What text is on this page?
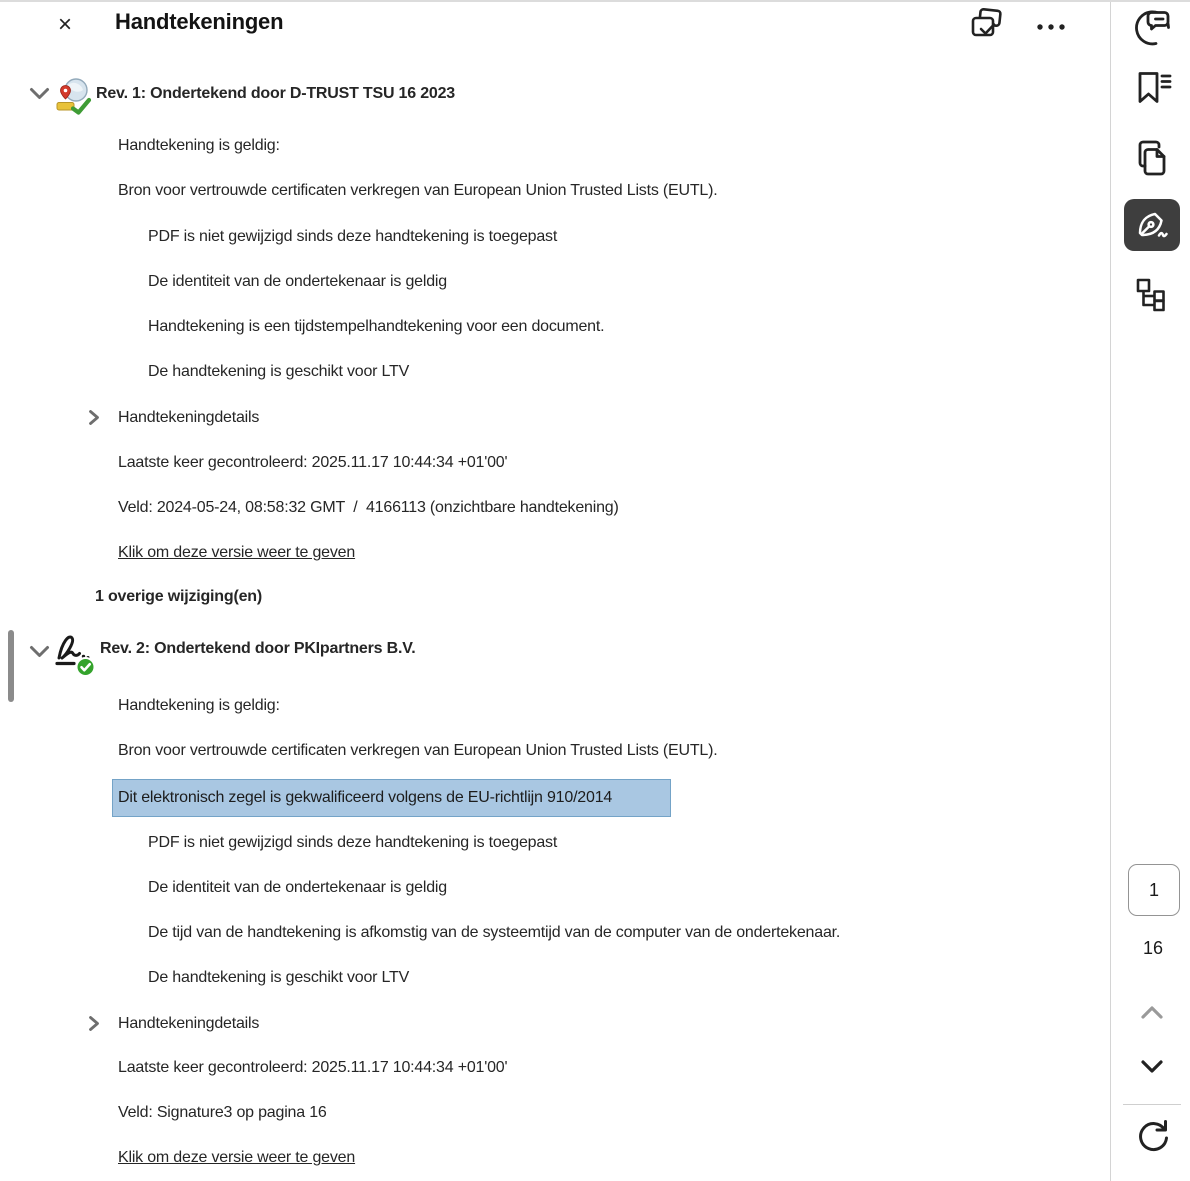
×	Handtekeningen
Rev. 1: Ondertekend door D-TRUST TSU 16 2023
Handtekening is geldig:
Bron voor vertrouwde certificaten verkregen van European Union Trusted Lists (EUTL).
PDF is niet gewijzigd sinds deze handtekening is toegepast
De identiteit van de ondertekenaar is geldig
Handtekening is een tijdstempelhandtekening voor een document.
De handtekening is geschikt voor LTV
Handtekeningdetails
Laatste keer gecontroleerd: 2025.11.17 10:44:34 +01'00'
Veld: 2024-05-24, 08:58:32 GMT  /  4166113 (onzichtbare handtekening)
Klik om deze versie weer te geven
1 overige wijziging(en)
Rev. 2: Ondertekend door PKIpartners B.V.
Handtekening is geldig:
Bron voor vertrouwde certificaten verkregen van European Union Trusted Lists (EUTL).
Dit elektronisch zegel is gekwalificeerd volgens de EU-richtlijn 910/2014
PDF is niet gewijzigd sinds deze handtekening is toegepast
De identiteit van de ondertekenaar is geldig
De tijd van de handtekening is afkomstig van de systeemtijd van de computer van de ondertekenaar.
De handtekening is geschikt voor LTV
Handtekeningdetails
Laatste keer gecontroleerd: 2025.11.17 10:44:34 +01'00'
Veld: Signature3 op pagina 16
Klik om deze versie weer te geven
1
16
